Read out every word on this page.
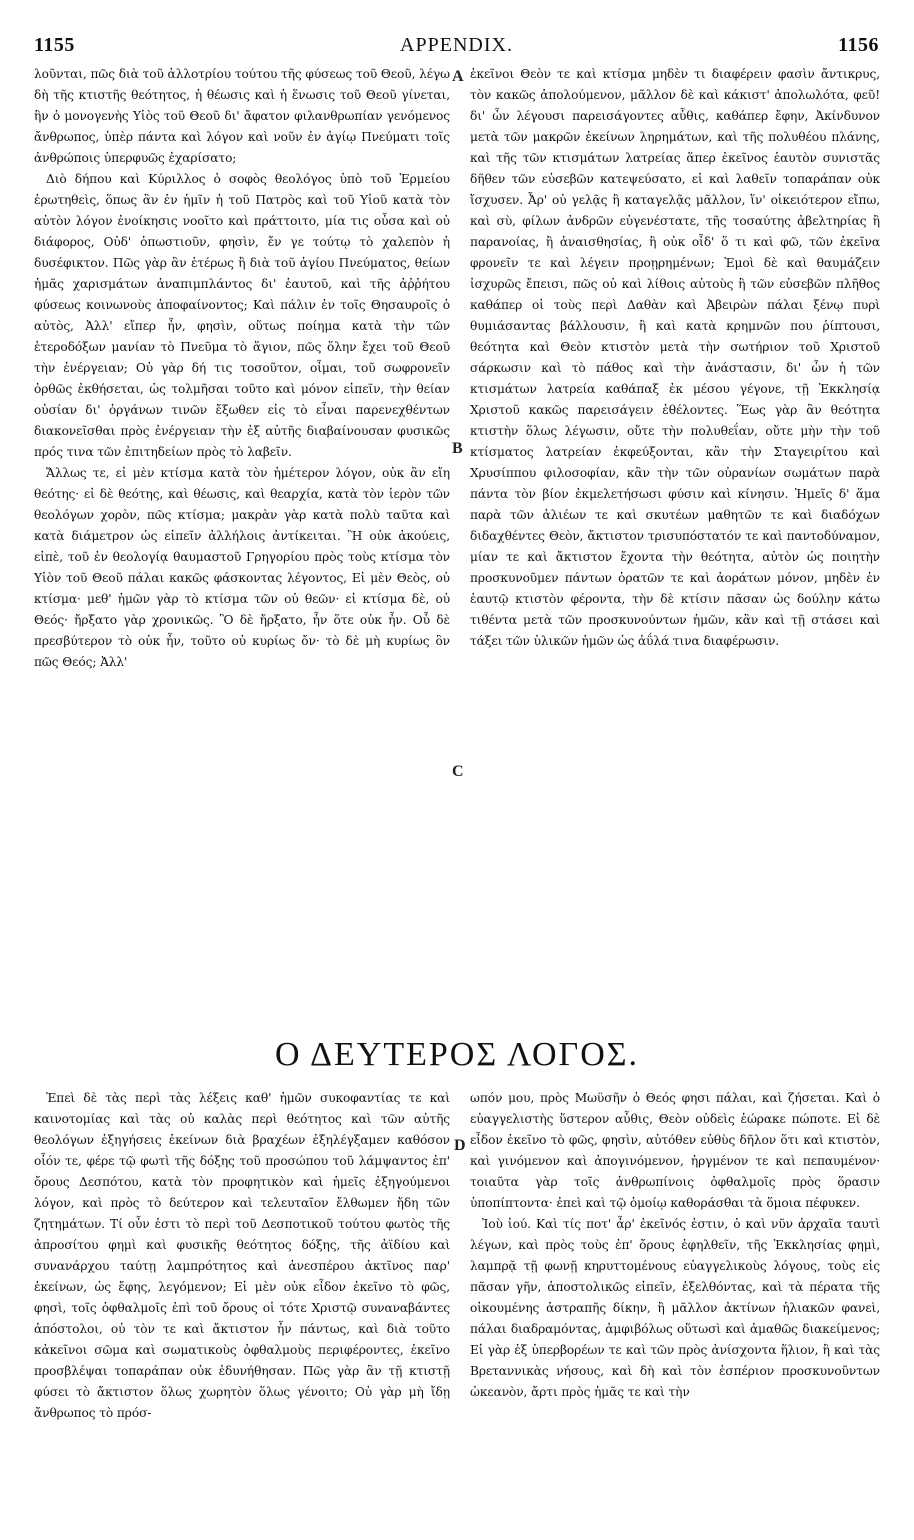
1155	APPENDIX.	1156

λοῦνται, πῶς διὰ τοῦ ἀλλοτρίου τούτου τῆς φύσεως τοῦ Θεοῦ, λέγω δὴ τῆς κτιστῆς θεότητος, ἡ θέωσις καὶ ἡ ἕνωσις τοῦ Θεοῦ γίνεται, ἣν ὁ μονογενὴς Υἱὸς τοῦ Θεοῦ δι' ἄφατον φιλανθρωπίαν γενόμενος ἄνθρωπος, ὑπὲρ πάντα καὶ λόγον καὶ νοῦν ἐν ἁγίῳ Πνεύματι τοῖς ἀνθρώποις ὑπερφυῶς ἐχαρίσατο;

Διὸ δήπου καὶ Κύριλλος ὁ σοφὸς θεολόγος ὑπὸ τοῦ Ἑρμείου ἐρωτηθεὶς, ὅπως ἂν ἐν ἡμῖν ἡ τοῦ Πατρὸς καὶ τοῦ Υἱοῦ κατὰ τὸν αὐτὸν λόγον ἐνοίκησις νοοῖτο καὶ πράττοιτο, μία τις οὖσα καὶ οὐ διάφορος, Οὐδ' ὁπωστιοῦν, φησὶν, ἔν γε τούτῳ τὸ χαλεπὸν ἡ δυσέφικτον. Πῶς γὰρ ἂν ἑτέρως ἢ διὰ τοῦ ἁγίου Πνεύματος, θείων ἡμᾶς χαρισμάτων ἀναπιμπλάντος δι' ἑαυτοῦ, καὶ τῆς ἀῤῥήτου φύσεως κοινωνοὺς ἀποφαίνοντος; Καὶ πάλιν ἐν τοῖς Θησαυροῖς ὁ αὐτὸς, Ἀλλ' εἴπερ ἦν, φησὶν, οὕτως ποίημα κατὰ τὴν τῶν ἑτεροδόξων μανίαν τὸ Πνεῦμα τὸ ἅγιον, πῶς ὅλην ἔχει τοῦ Θεοῦ τὴν ἐνέργειαν; Οὐ γὰρ δή τις τοσοῦτον, οἶμαι, τοῦ σωφρονεῖν ὀρθῶς ἐκθήσεται, ὡς τολμῆσαι τοῦτο καὶ μόνον εἰπεῖν, τὴν θείαν οὐσίαν δι' ὀργάνων τινῶν ἔξωθεν εἰς τὸ εἶναι παρενεχθέντων διακονεῖσθαι πρὸς ἐνέργειαν τὴν ἐξ αὐτῆς διαβαίνουσαν φυσικῶς πρός τινα τῶν ἐπιτηδείων πρὸς τὸ λαβεῖν.

Ἄλλως τε, εἰ μὲν κτίσμα κατὰ τὸν ἡμέτερον λόγον, οὐκ ἂν εἴη θεότης· εἰ δὲ θεότης, καὶ θέωσις, καὶ θεαρχία, κατὰ τὸν ἱερὸν τῶν θεολόγων χορὸν, πῶς κτίσμα; μακρὰν γὰρ κατὰ πολὺ ταῦτα καὶ κατὰ διάμετρον ὡς εἰπεῖν ἀλλήλοις ἀντίκειται. Ἢ οὐκ ἀκούεις, εἰπὲ, τοῦ ἐν θεολογίᾳ θαυμαστοῦ Γρηγορίου πρὸς τοὺς κτίσμα τὸν Υἱὸν τοῦ Θεοῦ πάλαι κακῶς φάσκοντας λέγοντος, Εἰ μὲν Θεὸς, οὐ κτίσμα· μεθ' ἡμῶν γὰρ τὸ κτίσμα τῶν οὐ θεῶν· εἰ κτίσμα δὲ, οὐ Θεός· ἤρξατο γὰρ χρονικῶς. Ὃ δὲ ἤρξατο, ἦν ὅτε οὐκ ἦν. Οὗ δὲ πρεσβύτερον τὸ οὐκ ἦν, τοῦτο οὐ κυρίως ὄν· τὸ δὲ μὴ κυρίως ὂν πῶς Θεός; Ἀλλ'

A
B
C

ἐκεῖνοι Θεὸν τε καὶ κτίσμα μηδὲν τι διαφέρειν φασὶν ἄντικρυς, τὸν κακῶς ἀπολούμενον, μᾶλλον δὲ καὶ κάκιστ' ἀπολωλότα, φεῦ! δι' ὧν λέγουσι παρεισάγοντες αὖθις, καθάπερ ἔφην, Ἀκίνδυνον μετὰ τῶν μακρῶν ἐκείνων ληρημάτων, καὶ τῆς πολυθέου πλάνης, καὶ τῆς τῶν κτισμάτων λατρείας ἅπερ ἐκεῖνος ἑαυτὸν συνιστᾶς δῆθεν τῶν εὐσεβῶν κατεψεύσατο, εἰ καὶ λαθεῖν τοπαράπαν οὐκ ἴσχυσεν. Ἆρ' οὐ γελᾷς ἢ καταγελᾷς μᾶλλον, ἵν' οἰκειότερον εἴπω, καὶ σὺ, φίλων ἀνδρῶν εὐγενέστατε, τῆς τοσαύτης ἀβελτηρίας ἢ παρανοίας, ἢ ἀναισθησίας, ἢ οὐκ οἶδ' ὅ τι καὶ φῶ, τῶν ἐκεῖνα φρονεῖν τε καὶ λέγειν προῃρημένων; Ἐμοὶ δὲ καὶ θαυμάζειν ἰσχυρῶς ἔπεισι, πῶς οὐ καὶ λίθοις αὐτοὺς ἢ τῶν εὐσεβῶν πλῆθος καθάπερ οἱ τοὺς περὶ Δαθὰν καὶ Ἀβειρὼν πάλαι ξένῳ πυρὶ θυμιάσαντας βάλλουσιν, ἢ καὶ κατὰ κρημνῶν που ῥίπτουσι, θεότητα καὶ Θεὸν κτιστὸν μετὰ τὴν σωτήριον τοῦ Χριστοῦ σάρκωσιν καὶ τὸ πάθος καὶ τὴν ἀνάστασιν, δι' ὧν ἡ τῶν κτισμάτων λατρεία καθάπαξ ἐκ μέσου γέγονε, τῇ Ἐκκλησίᾳ Χριστοῦ κακῶς παρεισάγειν ἐθέλοντες. Ἕως γὰρ ἂν θεότητα κτιστὴν ὅλως λέγωσιν, οὔτε τὴν πολυθεΐαν, οὔτε μὴν τὴν τοῦ κτίσματος λατρείαν ἐκφεύξονται, κἂν τὴν Σταγειρίτου καὶ Χρυσίππου φιλοσοφίαν, κἂν τὴν τῶν οὐρανίων σωμάτων παρὰ πάντα τὸν βίον ἐκμελετήσωσι φύσιν καὶ κίνησιν. Ἡμεῖς δ' ἅμα παρὰ τῶν ἁλιέων τε καὶ σκυτέων μαθητῶν τε καὶ διαδόχων διδαχθέντες Θεὸν, ἄκτιστον τρισυπόστατόν τε καὶ παντοδύναμον, μίαν τε καὶ ἄκτιστον ἔχοντα τὴν θεότητα, αὐτὸν ὡς ποιητὴν προσκυνοῦμεν πάντων ὁρατῶν τε καὶ ἀοράτων μόνον, μηδὲν ἐν ἑαυτῷ κτιστὸν φέροντα, τὴν δὲ κτίσιν πᾶσαν ὡς δούλην κάτω τιθέντα μετὰ τῶν προσκυνούντων ἡμῶν, κἂν καὶ τῇ στάσει καὶ τάξει τῶν ὑλικῶν ἡμῶν ὡς ἀΰλά τινα διαφέρωσιν.

Ο ΔΕΥΤΕΡΟΣ ΛΟΓΟΣ.

Ἐπεὶ δὲ τὰς περὶ τὰς λέξεις καθ' ἡμῶν συκοφαντίας τε καὶ καινοτομίας καὶ τὰς οὐ καλὰς περὶ θεότητος καὶ τῶν αὐτῆς θεολόγων ἐξηγήσεις ἐκείνων διὰ βραχέων ἐξηλέγξαμεν καθόσον οἷόν τε, φέρε τῷ φωτὶ τῆς δόξης τοῦ προσώπου τοῦ λάμψαντος ἐπ' ὄρους Δεσπότου, κατὰ τὸν προφητικὸν καὶ ἡμεῖς ἐξηγούμενοι λόγον, καὶ πρὸς τὸ δεύτερον καὶ τελευταῖον ἔλθωμεν ἤδη τῶν ζητημάτων. Τί οὖν ἐστι τὸ περὶ τοῦ Δεσποτικοῦ τούτου φωτὸς τῆς ἀπροσίτου φημὶ καὶ φυσικῆς θεότητος δόξης, τῆς ἀϊδίου καὶ συνανάρχου ταύτῃ λαμπρότητος καὶ ἀνεσπέρου ἀκτῖνος παρ' ἐκείνων, ὡς ἔφης, λεγόμενον; Εἰ μὲν οὐκ εἶδον ἐκεῖνο τὸ φῶς, φησὶ, τοῖς ὀφθαλμοῖς ἐπὶ τοῦ ὄρους οἱ τότε Χριστῷ συναναβάντες ἀπόστολοι, οὐ τὸν τε καὶ ἄκτιστον ἦν πάντως, καὶ διὰ τοῦτο κἀκεῖνοι σῶμα καὶ σωματικοὺς ὀφθαλμοὺς περιφέροντες, ἐκεῖνο προσβλέψαι τοπαράπαν οὐκ ἐδυνήθησαν. Πῶς γὰρ ἂν τῇ κτιστῇ φύσει τὸ ἄκτιστον ὅλως χωρητὸν ὅλως γένοιτο; Οὐ γὰρ μὴ ἴδῃ ἄνθρωπος τὸ πρόσ-

D

ωπόν μου, πρὸς Μωϋσῆν ὁ Θεός φησι πάλαι, καὶ ζήσεται. Καὶ ὁ εὐαγγελιστὴς ὕστερον αὖθις, Θεὸν οὐδεὶς ἑώρακε πώποτε. Εἰ δὲ εἶδον ἐκεῖνο τὸ φῶς, φησὶν, αὐτόθεν εὐθὺς δῆλον ὅτι καὶ κτιστὸν, καὶ γινόμενον καὶ ἀπογινόμενον, ἠργμένον τε καὶ πεπαυμένον· τοιαῦτα γὰρ τοῖς ἀνθρωπίνοις ὀφθαλμοῖς πρὸς ὅρασιν ὑποπίπτοντα· ἐπεὶ καὶ τῷ ὁμοίῳ καθοράσθαι τὰ ὅμοια πέφυκεν.

Ἰοὺ ἰού. Καὶ τίς ποτ' ἆρ' ἐκεῖνός ἐστιν, ὁ καὶ νῦν ἀρχαῖα ταυτὶ λέγων, καὶ πρὸς τοὺς ἐπ' ὄρους ἐφηλθεῖν, τῆς Ἐκκλησίας φημὶ, λαμπρᾷ τῇ φωνῇ κηρυττομένους εὐαγγελικοὺς λόγους, τοὺς εἰς πᾶσαν γῆν, ἀποστολικῶς εἰπεῖν, ἐξελθόντας, καὶ τὰ πέρατα τῆς οἰκουμένης ἀστραπῆς δίκην, ἢ μᾶλλον ἀκτίνων ἡλιακῶν φανεὶ, πάλαι διαδραμόντας, ἀμφιβόλως οὕτωσὶ καὶ ἀμαθῶς διακείμενος; Εἰ γὰρ ἐξ ὑπερβορέων τε καὶ τῶν πρὸς ἀνίσχοντα ἥλιον, ἢ καὶ τὰς Βρεταννικὰς νήσους, καὶ δὴ καὶ τὸν ἑσπέριον προσκυνοῦντων ὠκεανὸν, ἄρτι πρὸς ἡμᾶς τε καὶ τὴν
